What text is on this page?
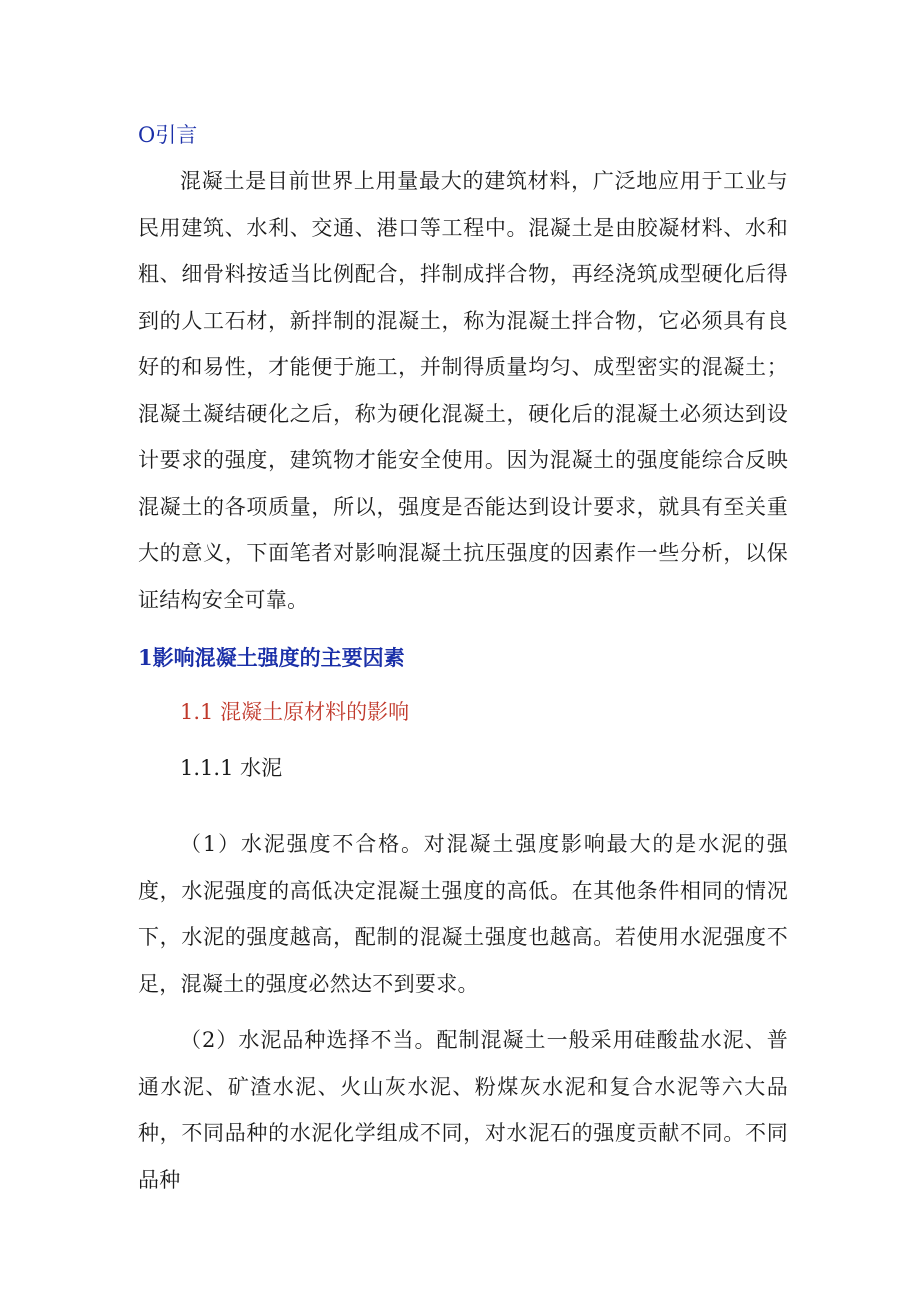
O引言

混凝土是目前世界上用量最大的建筑材料，广泛地应用于工业与民用建筑、水利、交通、港口等工程中。混凝土是由胶凝材料、水和粗、细骨料按适当比例配合，拌制成拌合物，再经浇筑成型硬化后得到的人工石材，新拌制的混凝土，称为混凝土拌合物，它必须具有良好的和易性，才能便于施工，并制得质量均匀、成型密实的混凝土；混凝土凝结硬化之后，称为硬化混凝土，硬化后的混凝土必须达到设计要求的强度，建筑物才能安全使用。因为混凝土的强度能综合反映混凝土的各项质量，所以，强度是否能达到设计要求，就具有至关重大的意义，下面笔者对影响混凝土抗压强度的因素作一些分析，以保证结构安全可靠。

1影响混凝土强度的主要因素
1.1 混凝土原材料的影响
1.1.1 水泥

（1）水泥强度不合格。对混凝土强度影响最大的是水泥的强度，水泥强度的高低决定混凝土强度的高低。在其他条件相同的情况下，水泥的强度越高，配制的混凝土强度也越高。若使用水泥强度不足，混凝土的强度必然达不到要求。

（2）水泥品种选择不当。配制混凝土一般采用硅酸盐水泥、普通水泥、矿渣水泥、火山灰水泥、粉煤灰水泥和复合水泥等六大品种，不同品种的水泥化学组成不同，对水泥石的强度贡献不同。不同品种
